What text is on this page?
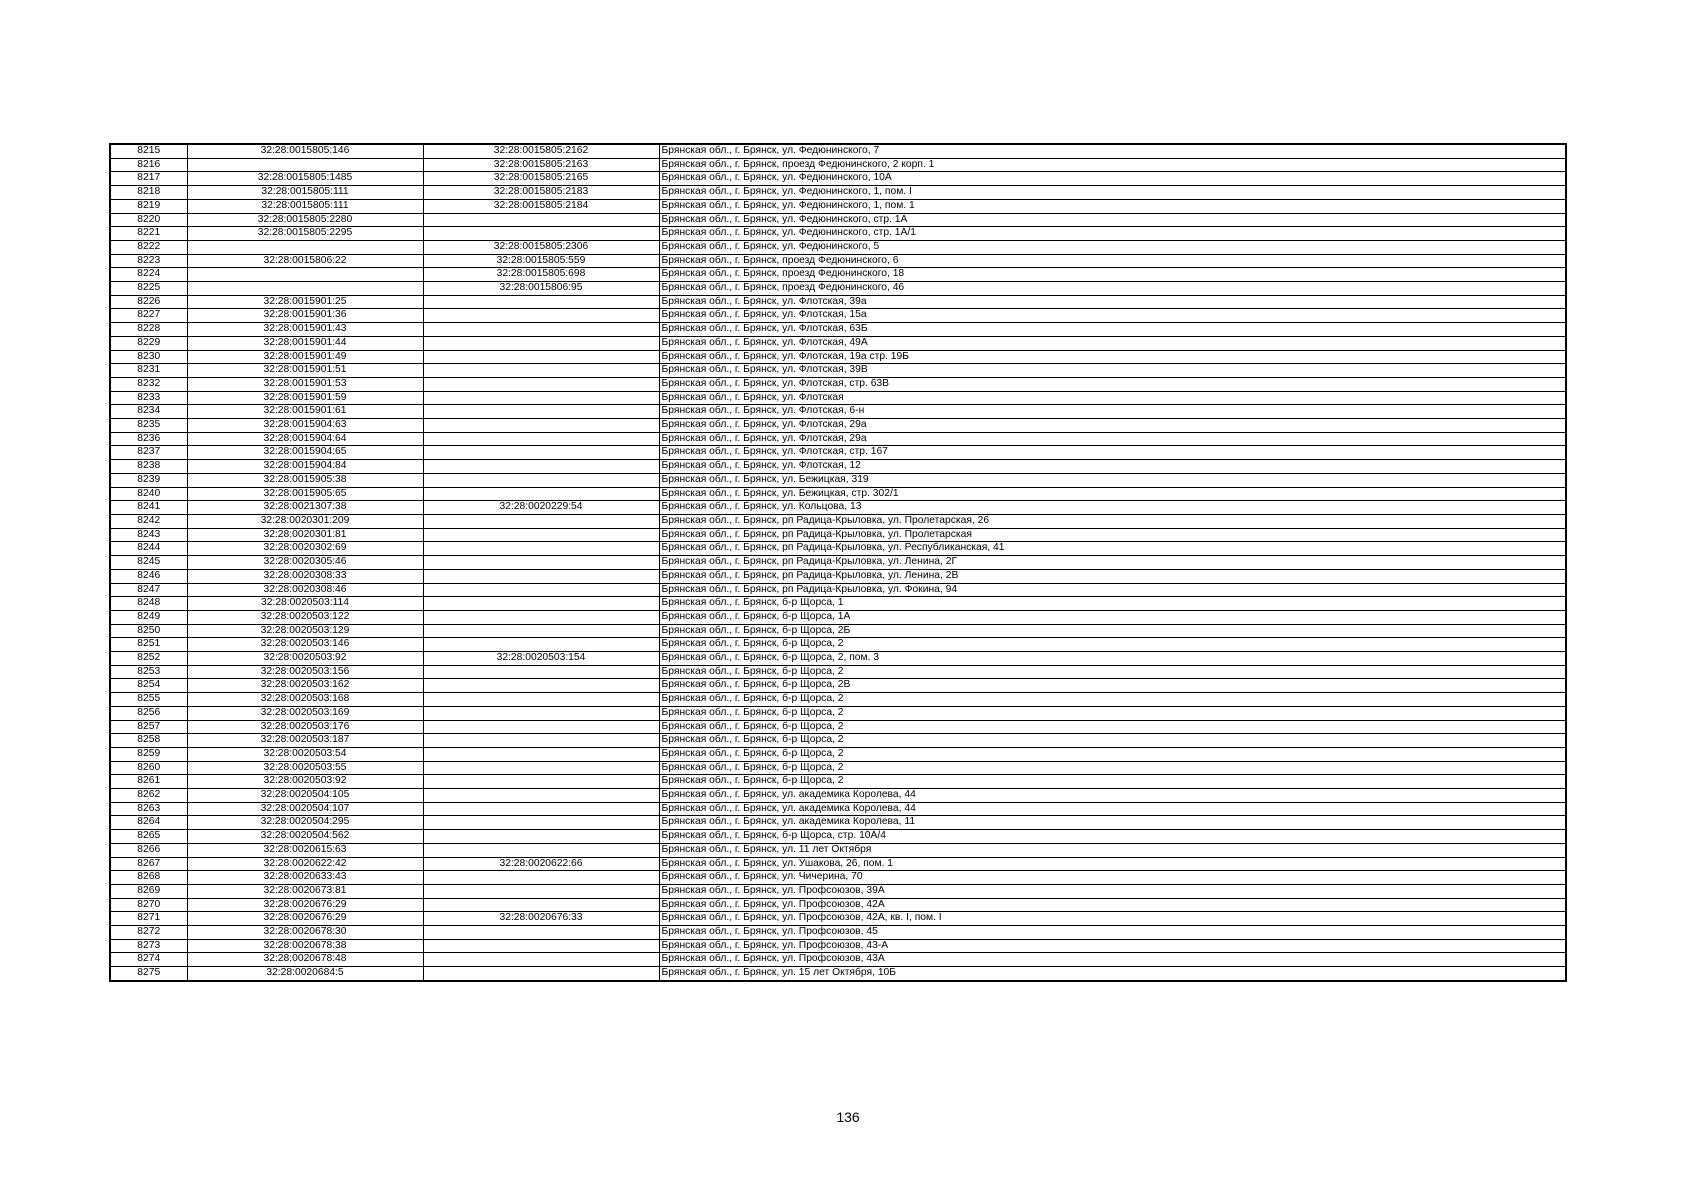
8215	32:28:0015805:146	32:28:0015805:2162	Брянская обл., г. Брянск, ул. Федюнинского, 7
8216		32:28:0015805:2163	Брянская обл., г. Брянск, проезд Федюнинского, 2 корп. 1
8217	32:28:0015805:1485	32:28:0015805:2165	Брянская обл., г. Брянск, ул. Федюнинского, 10А
8218	32:28:0015805:111	32:28:0015805:2183	Брянская обл., г. Брянск, ул. Федюнинского, 1, пом. I
8219	32:28:0015805:111	32:28:0015805:2184	Брянская обл., г. Брянск, ул. Федюнинского, 1, пом. 1
8220	32:28:0015805:2280		Брянская обл., г. Брянск, ул. Федюнинского, стр. 1А
8221	32:28:0015805:2295		Брянская обл., г. Брянск, ул. Федюнинского, стр. 1А/1
8222		32:28:0015805:2306	Брянская обл., г. Брянск, ул. Федюнинского, 5
8223	32:28:0015806:22	32:28:0015805:559	Брянская обл., г. Брянск, проезд Федюнинского, 6
8224		32:28:0015805:698	Брянская обл., г. Брянск, проезд Федюнинского, 18
8225		32:28:0015806:95	Брянская обл., г. Брянск, проезд Федюнинского, 46
8226	32:28:0015901:25		Брянская обл., г. Брянск, ул. Флотская, 39а
8227	32:28:0015901:36		Брянская обл., г. Брянск, ул. Флотская, 15а
8228	32:28:0015901:43		Брянская обл., г. Брянск, ул. Флотская, 63Б
8229	32:28:0015901:44		Брянская обл., г. Брянск, ул. Флотская, 49А
8230	32:28:0015901:49		Брянская обл., г. Брянск, ул. Флотская, 19а стр. 19Б
8231	32:28:0015901:51		Брянская обл., г. Брянск, ул. Флотская, 39В
8232	32:28:0015901:53		Брянская обл., г. Брянск, ул. Флотская, стр. 63В
8233	32:28:0015901:59		Брянская обл., г. Брянск, ул. Флотская
8234	32:28:0015901:61		Брянская обл., г. Брянск, ул. Флотская, 6-н
8235	32:28:0015904:63		Брянская обл., г. Брянск, ул. Флотская, 29а
8236	32:28:0015904:64		Брянская обл., г. Брянск, ул. Флотская, 29а
8237	32:28:0015904:65		Брянская обл., г. Брянск, ул. Флотская, стр. 167
8238	32:28:0015904:84		Брянская обл., г. Брянск, ул. Флотская, 12
8239	32:28:0015905:38		Брянская обл., г. Брянск, ул. Бежицкая, 319
8240	32:28:0015905:65		Брянская обл., г. Брянск, ул. Бежицкая, стр. 302/1
8241	32:28:0021307:38	32:28:0020229:54	Брянская обл., г. Брянск, ул. Кольцова, 13
8242	32:28:0020301:209		Брянская обл., г. Брянск, рп Радица-Крыловка, ул. Пролетарская, 26
8243	32:28:0020301:81		Брянская обл., г. Брянск, рп Радица-Крыловка, ул. Пролетарская
8244	32:28:0020302:69		Брянская обл., г. Брянск, рп Радица-Крыловка, ул. Республиканская, 41
8245	32:28:0020305:46		Брянская обл., г. Брянск, рп Радица-Крыловка, ул. Ленина, 2Г
8246	32:28:0020308:33		Брянская обл., г. Брянск, рп Радица-Крыловка, ул. Ленина, 2В
8247	32:28:0020308:46		Брянская обл., г. Брянск, рп Радица-Крыловка, ул. Фокина, 94
8248	32:28:0020503:114		Брянская обл., г. Брянск, б-р Щорса, 1
8249	32:28:0020503:122		Брянская обл., г. Брянск, б-р Щорса, 1А
8250	32:28:0020503:129		Брянская обл., г. Брянск, б-р Щорса, 2Б
8251	32:28:0020503:146		Брянская обл., г. Брянск, б-р Щорса, 2
8252	32:28:0020503:92	32:28:0020503:154	Брянская обл., г. Брянск, б-р Щорса, 2, пом. 3
8253	32:28:0020503:156		Брянская обл., г. Брянск, б-р Щорса, 2
8254	32:28:0020503:162		Брянская обл., г. Брянск, б-р Щорса, 2В
8255	32:28:0020503:168		Брянская обл., г. Брянск, б-р Щорса, 2
8256	32:28:0020503:169		Брянская обл., г. Брянск, б-р Щорса, 2
8257	32:28:0020503:176		Брянская обл., г. Брянск, б-р Щорса, 2
8258	32:28:0020503:187		Брянская обл., г. Брянск, б-р Щорса, 2
8259	32:28:0020503:54		Брянская обл., г. Брянск, б-р Щорса, 2
8260	32:28:0020503:55		Брянская обл., г. Брянск, б-р Щорса, 2
8261	32:28:0020503:92		Брянская обл., г. Брянск, б-р Щорса, 2
8262	32:28:0020504:105		Брянская обл., г. Брянск, ул. академика Королева, 44
8263	32:28:0020504:107		Брянская обл., г. Брянск, ул. академика Королева, 44
8264	32:28:0020504:295		Брянская обл., г. Брянск, ул. академика Королева, 11
8265	32:28:0020504:562		Брянская обл., г. Брянск, б-р Щорса, стр. 10А/4
8266	32:28:0020615:63		Брянская обл., г. Брянск, ул. 11 лет Октября
8267	32:28:0020622:42	32:28:0020622:66	Брянская обл., г. Брянск, ул. Ушакова, 26, пом. 1
8268	32:28:0020633:43		Брянская обл., г. Брянск, ул. Чичерина, 70
8269	32:28:0020673:81		Брянская обл., г. Брянск, ул. Профсоюзов, 39А
8270	32:28:0020676:29		Брянская обл., г. Брянск, ул. Профсоюзов, 42А
8271	32:28:0020676:29	32:28:0020676:33	Брянская обл., г. Брянск, ул. Профсоюзов, 42А, кв. I, пом. I
8272	32:28:0020678:30		Брянская обл., г. Брянск, ул. Профсоюзов, 45
8273	32:28:0020678:38		Брянская обл., г. Брянск, ул. Профсоюзов, 43-А
8274	32:28:0020678:48		Брянская обл., г. Брянск, ул. Профсоюзов, 43А
8275	32:28:0020684:5		Брянская обл., г. Брянск, ул. 15 лет Октября, 10Б
136
